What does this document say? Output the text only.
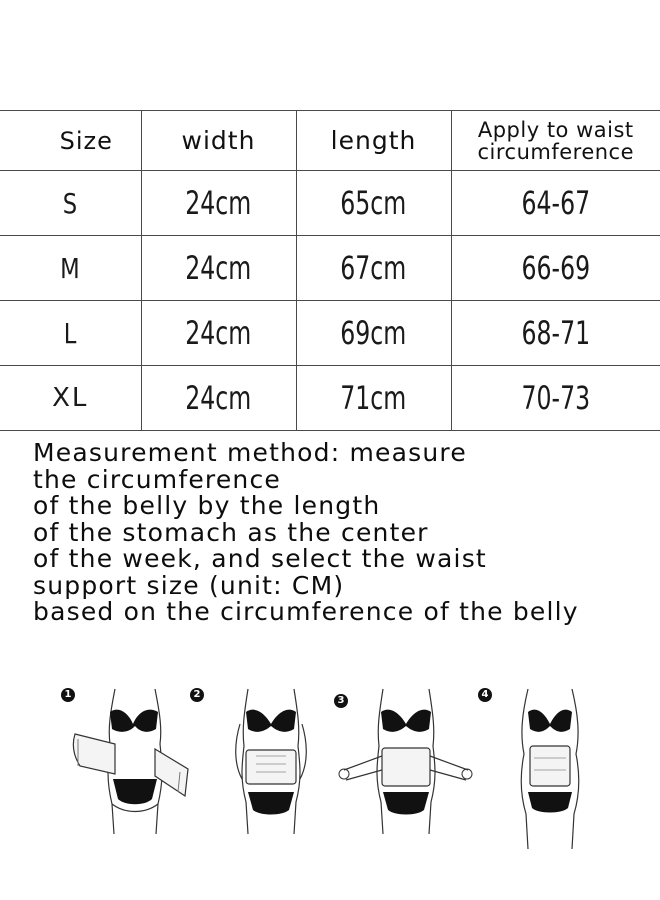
Size	width	length	Apply to waist
circumference

S	24cm	65cm	64-67
M	24cm	67cm	66-69
L	24cm	69cm	68-71
XL	24cm	71cm	70-73
Measurement method: measure
the circumference
of the belly by the length
of the stomach as the center
of the week, and select the waist
support size (unit: CM)
based on the circumference of the belly
1	2
3
4
